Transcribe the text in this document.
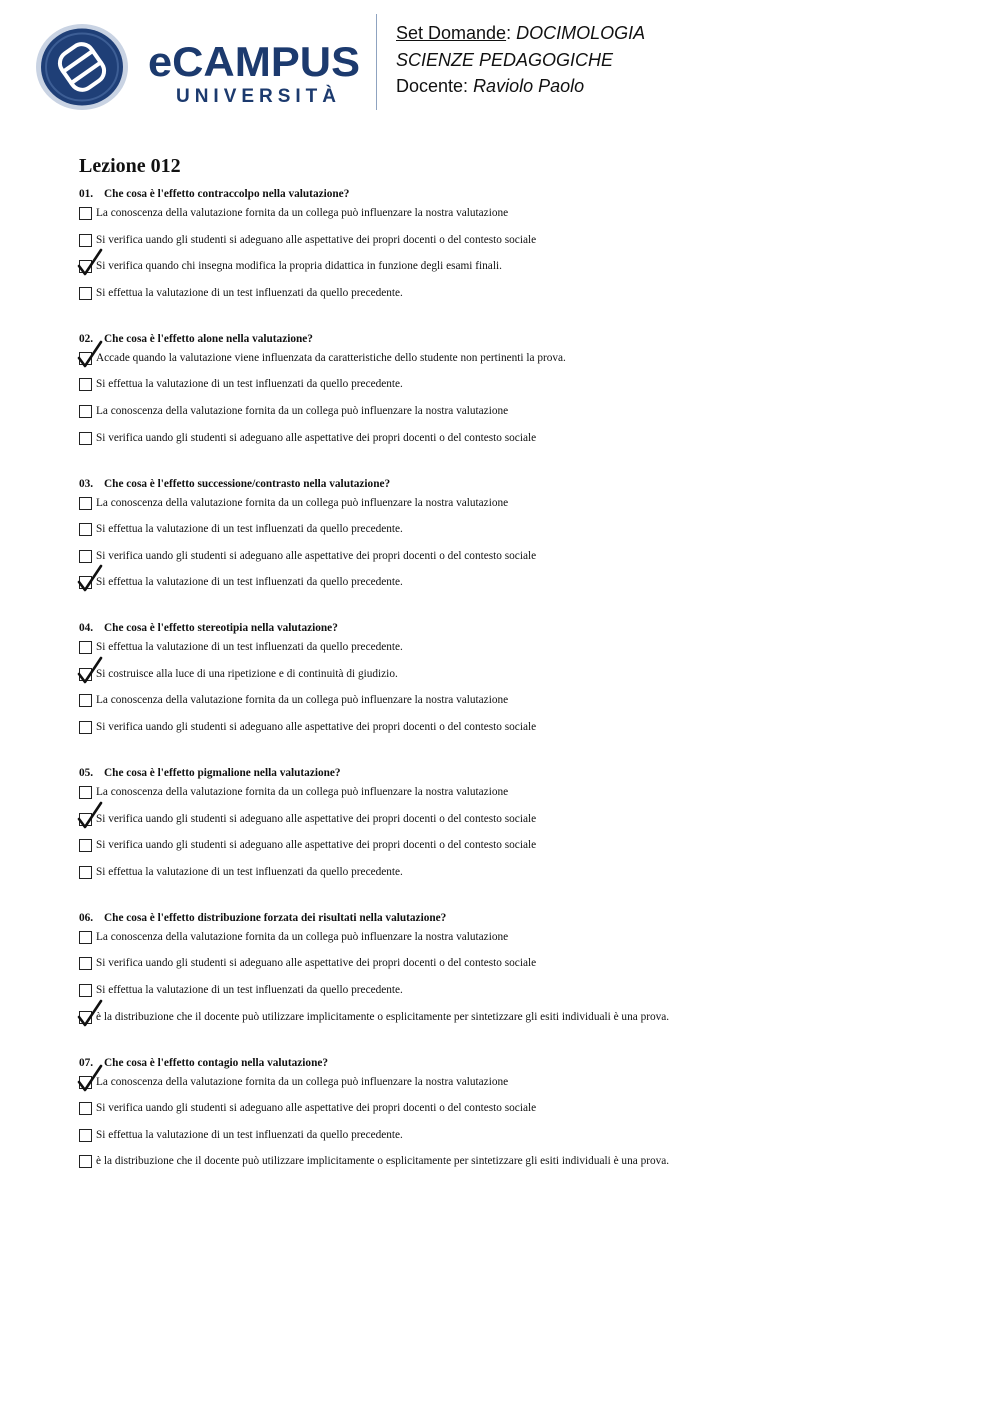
eCAMPUS
UNIVERSITÀ
Set Domande: DOCIMOLOGIA
SCIENZE PEDAGOGICHE
Docente: Raviolo Paolo
Lezione 012
01. Che cosa è l'effetto contraccolpo nella valutazione?
La conoscenza della valutazione fornita da un collega può influenzare la nostra valutazione
Si verifica uando gli studenti si adeguano alle aspettative dei propri docenti o del contesto sociale
Si verifica quando chi insegna modifica la propria didattica in funzione degli esami finali.
Si effettua la valutazione di un test influenzati da quello precedente.
02. Che cosa è l'effetto alone nella valutazione?
Accade quando la valutazione viene influenzata da caratteristiche dello studente non pertinenti la prova.
Si effettua la valutazione di un test influenzati da quello precedente.
La conoscenza della valutazione fornita da un collega può influenzare la nostra valutazione
Si verifica uando gli studenti si adeguano alle aspettative dei propri docenti o del contesto sociale
03. Che cosa è l'effetto successione/contrasto nella valutazione?
La conoscenza della valutazione fornita da un collega può influenzare la nostra valutazione
Si effettua la valutazione di un test influenzati da quello precedente.
Si verifica uando gli studenti si adeguano alle aspettative dei propri docenti o del contesto sociale
Si effettua la valutazione di un test influenzati da quello precedente.
04. Che cosa è l'effetto stereotipia nella valutazione?
Si effettua la valutazione di un test influenzati da quello precedente.
Si costruisce alla luce di una ripetizione e di continuità di giudizio.
La conoscenza della valutazione fornita da un collega può influenzare la nostra valutazione
Si verifica uando gli studenti si adeguano alle aspettative dei propri docenti o del contesto sociale
05. Che cosa è l'effetto pigmalione nella valutazione?
La conoscenza della valutazione fornita da un collega può influenzare la nostra valutazione
Si verifica uando gli studenti si adeguano alle aspettative dei propri docenti o del contesto sociale
Si verifica uando gli studenti si adeguano alle aspettative dei propri docenti o del contesto sociale
Si effettua la valutazione di un test influenzati da quello precedente.
06. Che cosa è l'effetto distribuzione forzata dei risultati nella valutazione?
La conoscenza della valutazione fornita da un collega può influenzare la nostra valutazione
Si verifica uando gli studenti si adeguano alle aspettative dei propri docenti o del contesto sociale
Si effettua la valutazione di un test influenzati da quello precedente.
è la distribuzione che il docente può utilizzare implicitamente o esplicitamente per sintetizzare gli esiti individuali è una prova.
07. Che cosa è l'effetto contagio nella valutazione?
La conoscenza della valutazione fornita da un collega può influenzare la nostra valutazione
Si verifica uando gli studenti si adeguano alle aspettative dei propri docenti o del contesto sociale
Si effettua la valutazione di un test influenzati da quello precedente.
è la distribuzione che il docente può utilizzare implicitamente o esplicitamente per sintetizzare gli esiti individuali è una prova.
